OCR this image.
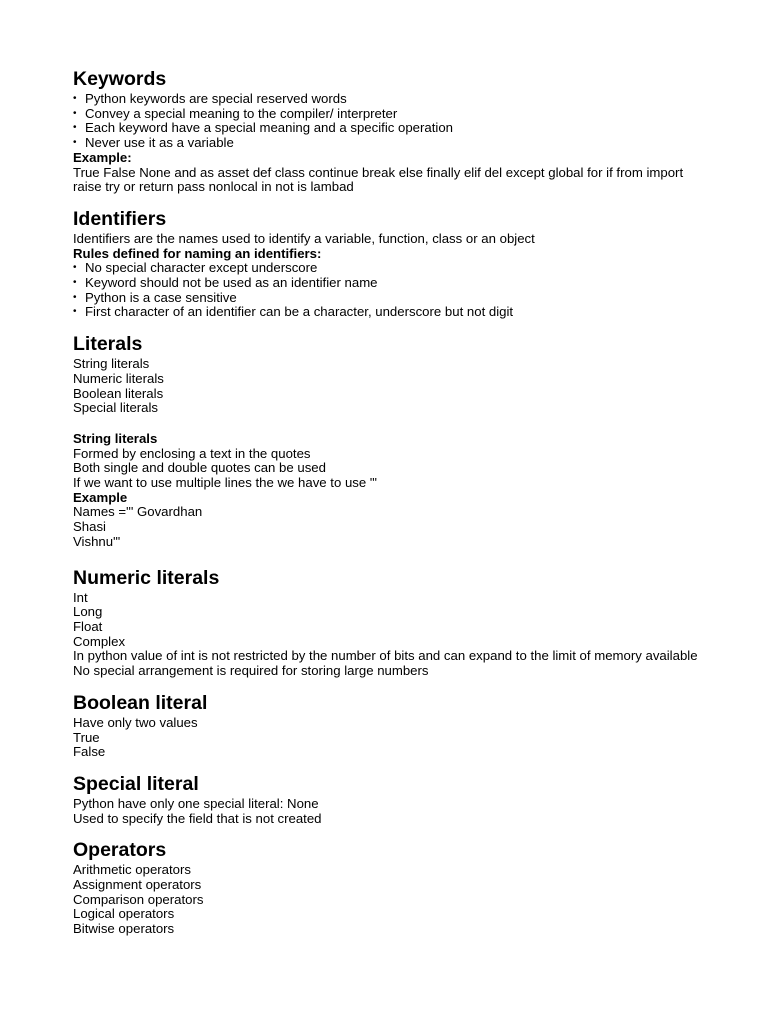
Keywords
• Python keywords are special reserved words
• Convey a special meaning to the compiler/ interpreter
• Each keyword have a special meaning and a specific operation
• Never use it as a variable

Example:

True False None and as asset def class continue break else finally elif del except global for if from import raise try or return pass nonlocal in not is lambad

Identifiers

Identifiers are the names used to identify a variable, function, class or an object

Rules defined for naming an identifiers:

• No special character except underscore
• Keyword should not be used as an identifier name
• Python is a case sensitive
• First character of an identifier can be a character, underscore but not digit
Literals

String literals

Numeric literals

Boolean literals

Special literals

String literals

Formed by enclosing a text in the quotes

Both single and double quotes can be used

If we want to use multiple lines the we have to use "'

Example

Names ="' Govardhan

Shasi

Vishnu"'

Numeric literals

Int

Long

Float

Complex

In python value of int is not restricted by the number of bits and can expand to the limit of memory available

No special arrangement is required for storing large numbers

Boolean literal

Have only two values

True

False

Special literal

Python have only one special literal: None

Used to specify the field that is not created

Operators

Arithmetic operators

Assignment operators

Comparison operators

Logical operators

Bitwise operators
